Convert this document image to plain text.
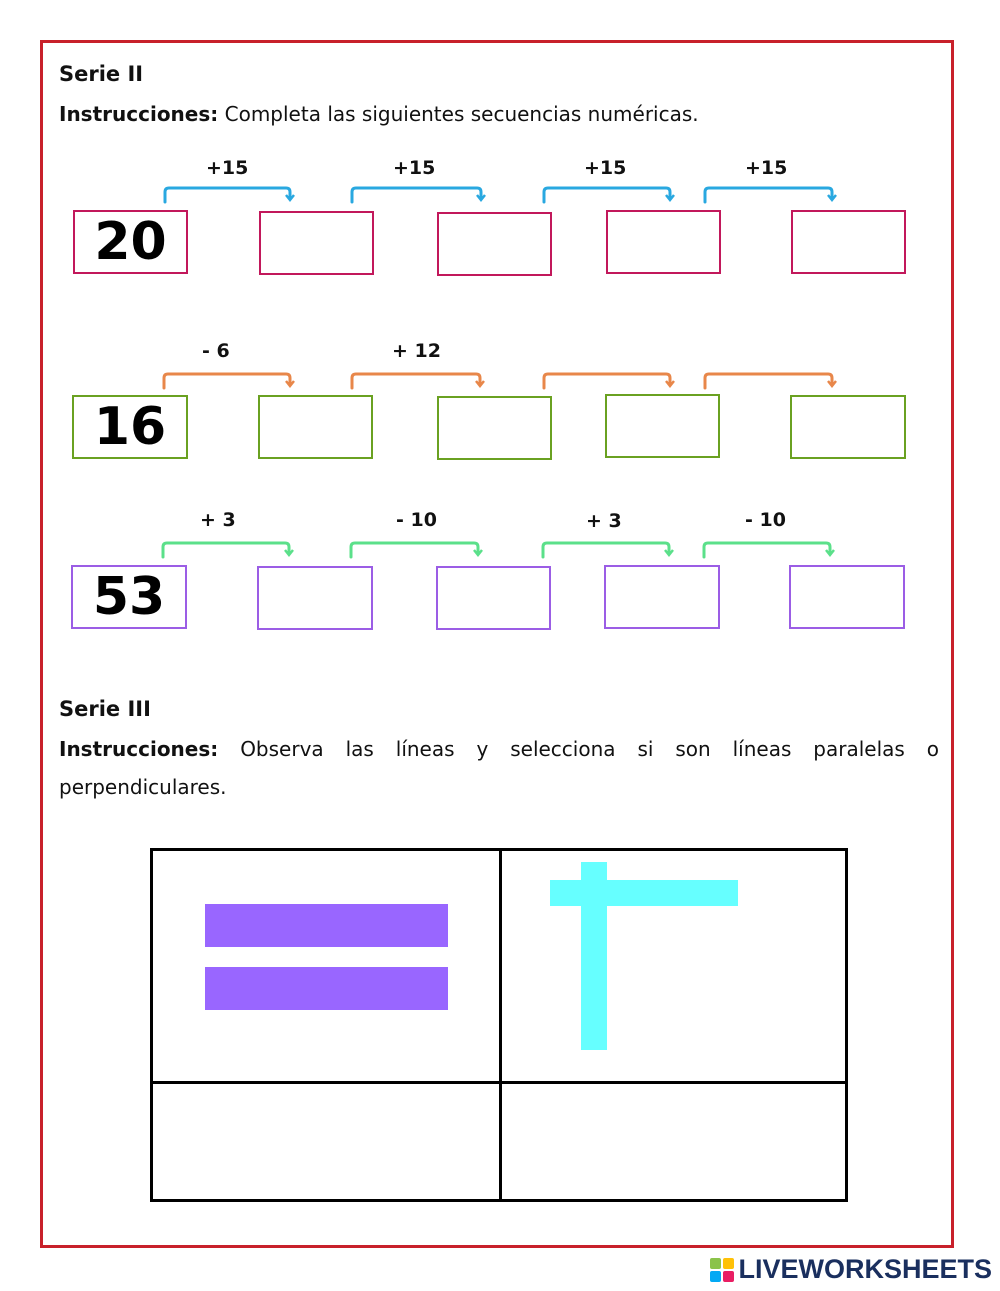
Serie II
Instrucciones: Completa las siguientes secuencias numéricas.
20
+15	+15	+15	+15
16
- 6	+ 12
53
+ 3	- 10	+ 3	- 10
Serie III
Instrucciones: Observa las líneas y selecciona si son líneas paralelas o perpendiculares.
LIVEWORKSHEETS
